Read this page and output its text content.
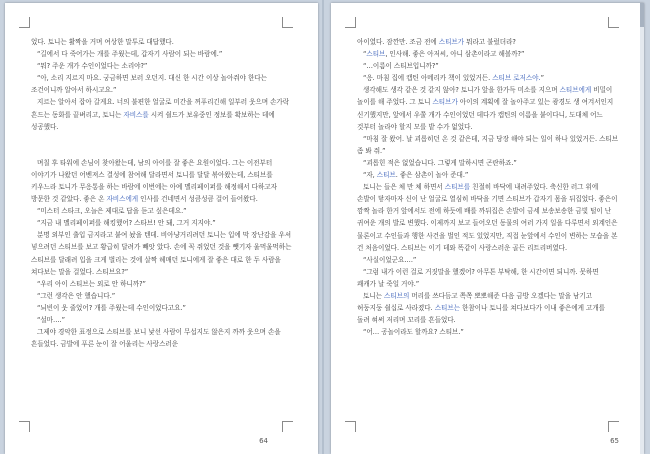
었다. 토니는 활짝을 거며 여상한 말투로 대답했다.

“길에서 다 죽어가는 개를 주웠는데, 갑자기 사람이 되는 바람에.”

“뭐? 주운 개가 수인이었다는 소리야?”

“아, 소리 지르지 마요. 궁금하면 보러 오던지. 대신 한 시간 이상 놀아줘야 한다는 조건이니까 알아서 하시고요.”

지르는 알아서 잡아 갈게요. 너의 불편한 얼굴로 미간을 꺼푸리긴해 일부러 웃으며 손가락 흔드는 동화를 끝벼리고, 토니는 자비스를 시켜 쉴드가 보유중인 정보를 확보하는 데에 성공했다.

며칠 후 타워에 손님이 찾아왔는데, 남의 아이를 잘 좋은 요원이었다. 그는 이전부터 이야기가 나왔던 어벤져스 결성에 참여해 달라면서 토니를 달달 볶아왔는데, 스티브를 키우느라 토니가 무응통을 하는 바람에 이번에는 아예 멜리페이퍼를 해정해서 다하고자 방문한 것 같았다. 좋은 온 자비스에게 인사를 건네면서 성큼성큼 걸어 들어왔다.

“미스터 스타크, 오늘은 제대로 답을 듣고 싶은데요.”

“지금 내 멜리페이퍼를 해킹했어? 스타브! 안 돼, 그거 지지야.”

분명 외부인 출입 금지라고 붙여 놨을 텐데. 비아냥거리려던 토니는 입에 막 장난감을 우셔 넣으려던 스티브를 보고 황급히 달려가 빼앗 았다. 손에 꼭 쥐었던 것을 뺏기자 울먹울먹하는 스티브를 달래려 입을 크게 벌리는 것에 살짝 헤매던 토니에게 잘 좋은 대로 한 두 사람을 쳐다보는 말을 걸었다. 스티브요?”

“우리 아이 스티브는 외로 안 하니까?”

“그런 생각은 안 했습니다.”

“뇌빈이 웃 줄었어? 개를 주웠는데 수인이었다고요.”

“설마….”

그제야 경악한 표정으로 스티브를 보니 낯선 사람이 무섭지도 않은지 까까 웃으며 손을 흔들었다. 금발에 푸른 눈이 잘 어울리는 사랑스러운

64

아이였다. 잠깐만. 조금 전에 스티브가 뭐라고 불렀더라?

“스티브, 인사해. 좋은 아저씨, 아니 삼촌이라고 해볼까?”

“…이름이 스티브입니까?”

“응. 마침 집에 캡틴 아메리카 책이 있었거든. 스티브 로저스야.”

생각해도 생각 같은 것 같지 않아? 토니가 앞을 한가득 미소를 지으며 스티브에게 비밀이 놀이를 해 주었다. 그 토니 스티브가 아이의 계획에 잘 놀아주고 있는 광경도 생 여겨서인지 신기했지만, 앞에서 우쭐 개가 수인이었던 데다가 캡틴의 이름을 붙이다니, 도대체 어느 것부터 놀라야 할지 모를 밭 수가 없었다.

“마침 잘 왔어. 날 괴롭히던 온 것 같은데, 지금 당장 해야 되는 일이 하나 있었거든. 스티브 좀 봐 줘.”

“괴롭힌 적은 없었습니다. 그렇게 말하시면 곤란하죠.”

“자, 스티브. 좋은 삼촌이 놀아 준대.”

토니는 들은 체 만 체 하면서 스티브를 친절히 바닥에 내려주었다. 축신한 러그 위에 손발이 닿자마자 신이 난 얼굴로 열심히 바닥을 기면 스티브가 갑자기 몸을 뒤집었다. 좋은이 깜짝 놀라 한거 앞에서도 전에 하듯에 배를 까뒤집은 손발이 금세 보송보송한 금빛 털이 난 귀여운 개의 발로 변했다. 이제까지 보고 들어오던 동물의 여러 가지 일을 다루면서 외계인은 물론이고 수인들과 행한 사건을 벌인 적도 있었지만, 직접 눈앞에서 수인이 변하는 모습을 본 건 처음이었다. 스티브는 이기 데와 똑같이 사랑스러운 골든 리트리버였다.

“사실이었군요….”

“그럼 내가 이런 걸로 거짓말을 했겠어? 아무튼 부탁해, 한 시간이면 되니까. 못하면 쾌캐가 날 죽일 거야.”

토니는 스티브의 머리를 쓰다듬고 쪽쪽 뽀뽀해준 다음 금방 오겠다는 말을 남기고 허둥지둥 쉴십로 사라졌다. 스티브는 한참이나 토니를 쳐다보다가 이내 좋은에게 고개를 돌려 혀써 저리며 꼬리를 흔들었다.

“어… 공놀이라도 할까요? 스티브.”

65
